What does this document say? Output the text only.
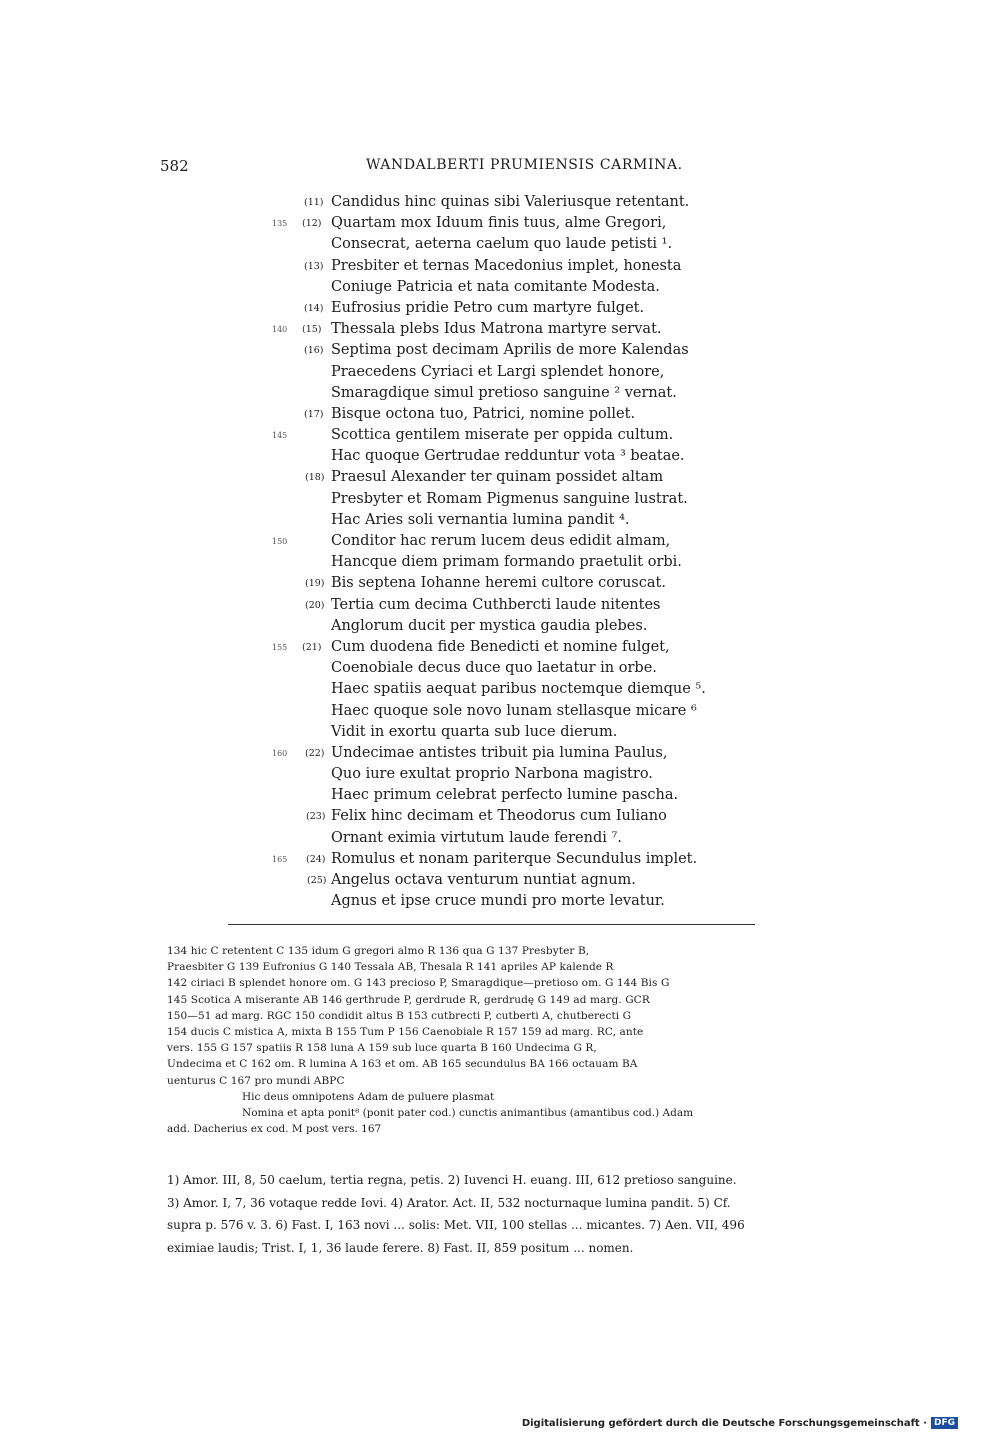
582	WANDALBERTI PRUMIENSIS CARMINA.
(11) Candidus hinc quinas sibi Valeriusque retentant.
135 (12) Quartam mox Iduum finis tuus, alme Gregori,
Consecrat, aeterna caelum quo laude petisti ¹.
(13) Presbiter et ternas Macedonius implet, honesta
Coniuge Patricia et nata comitante Modesta.
(14) Eufrosius pridie Petro cum martyre fulget.
140 (15) Thessala plebs Idus Matrona martyre servat.
(16) Septima post decimam Aprilis de more Kalendas
Praecedens Cyriaci et Largi splendet honore,
Smaragdique simul pretioso sanguine ² vernat.
(17) Bisque octona tuo, Patrici, nomine pollet.
145	Scottica gentilem miserate per oppida cultum.
Hac quoque Gertrudae redduntur vota ³ beatae.
(18) Praesul Alexander ter quinam possidet altam
Presbyter et Romam Pigmenus sanguine lustrat.
Hac Aries soli vernantia lumina pandit ⁴.
150	Conditor hac rerum lucem deus edidit almam,
Hancque diem primam formando praetulit orbi.
(19) Bis septena Iohanne heremi cultore coruscat.
(20) Tertia cum decima Cuthbercti laude nitentes
Anglorum ducit per mystica gaudia plebes.
155 (21) Cum duodena fide Benedicti et nomine fulget,
Coenobiale decus duce quo laetatur in orbe.
Haec spatiis aequat paribus noctemque diemque ⁵.
Haec quoque sole novo lunam stellasque micare ⁶
Vidit in exortu quarta sub luce dierum.
160 (22) Undecimae antistes tribuit pia lumina Paulus,
Quo iure exultat proprio Narbona magistro.
Haec primum celebrat perfecto lumine pascha.
(23) Felix hinc decimam et Theodorus cum Iuliano
Ornant eximia virtutum laude ferendi ⁷.
165 (24) Romulus et nonam pariterque Secundulus implet.
(25) Angelus octava venturum nuntiat agnum.
Agnus et ipse cruce mundi pro morte levatur.

134 hic C retentent C 135 idum G gregori almo R 136 qua G 137 Presbyter B,

Praesbiter G 139 Eufronius G 140 Tessala AB, Thesala R 141 apriles AP kalende R

142 ciriaci B splendet honore om. G 143 precioso P, Smaragdique—pretioso om. G 144 Bis G

145 Scotica A miserante AB 146 gerthrude P, gerdrude R, gerdrudę G 149 ad marg. GCR

150—51 ad marg. RGC 150 condidit altus B 153 cutbrecti P, cutberti A, chutberecti G

154 ducis C mistica A, mixta B 155 Tum P 156 Caenobiale R 157 159 ad marg. RC, ante

vers. 155 G 157 spatiis R 158 luna A 159 sub luce quarta B 160 Undecima G R,

Undecima et C 162 om. R lumina A 163 et om. AB 165 secundulus BA 166 octauam BA

uenturus C 167 pro mundi ABPC

Hic deus omnipotens Adam de puluere plasmat

Nomina et apta ponit⁸ (ponit pater cod.) cunctis animantibus (amantibus cod.) Adam

add. Dacherius ex cod. M post vers. 167

1) Amor. III, 8, 50 caelum, tertia regna, petis. 2) Iuvenci H. euang. III, 612 pretioso sanguine.
3) Amor. I, 7, 36 votaque redde Iovi. 4) Arator. Act. II, 532 nocturnaque lumina pandit. 5) Cf.
supra p. 576 v. 3. 6) Fast. I, 163 novi ... solis: Met. VII, 100 stellas ... micantes. 7) Aen. VII, 496
eximiae laudis; Trist. I, 1, 36 laude ferere. 8) Fast. II, 859 positum ... nomen.
Digitalisierung gefördert durch die Deutsche Forschungsgemeinschaft · DFG
